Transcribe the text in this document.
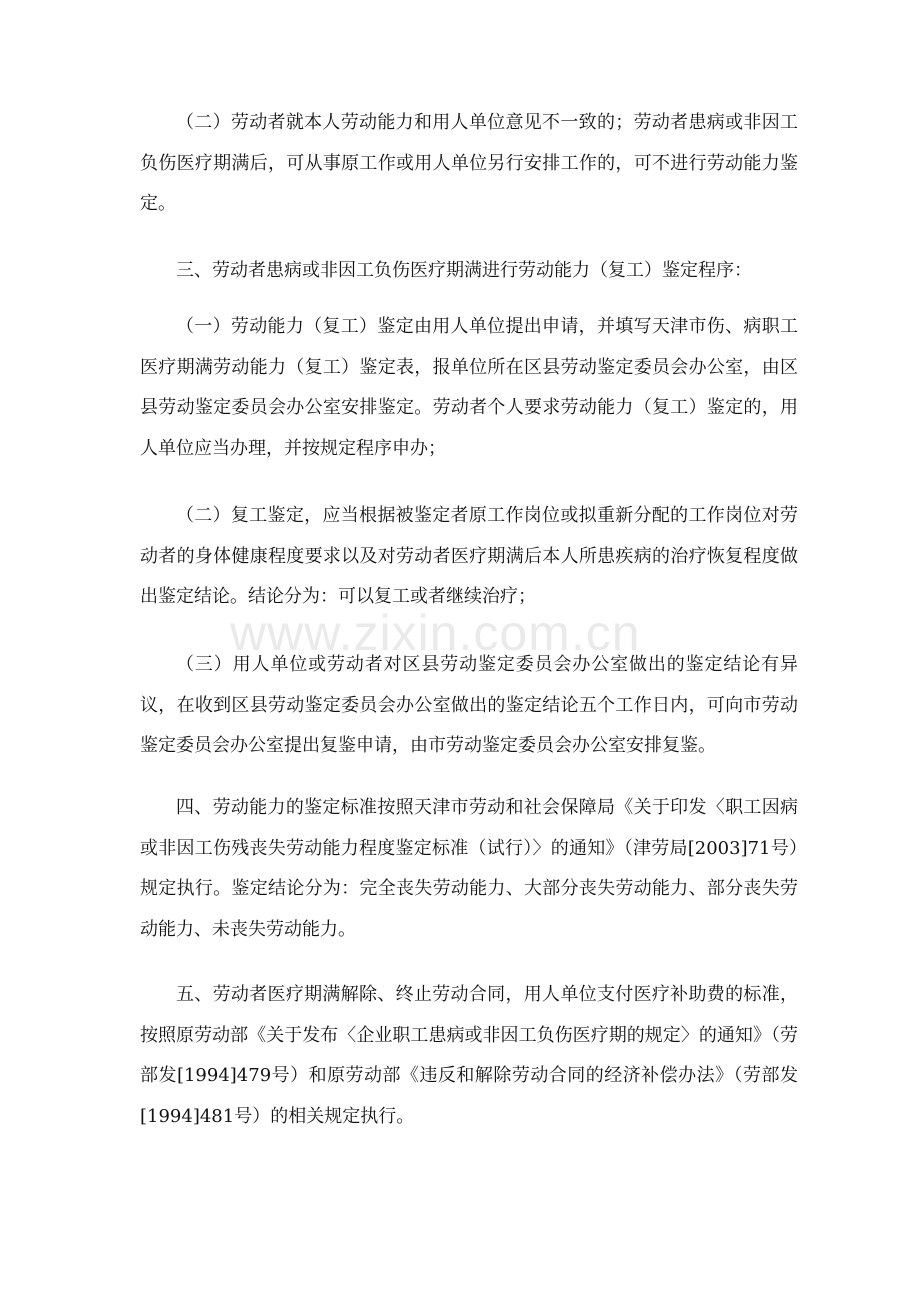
（二）劳动者就本人劳动能力和用人单位意见不一致的；劳动者患病或非因工负伤医疗期满后，可从事原工作或用人单位另行安排工作的，可不进行劳动能力鉴定。

三、劳动者患病或非因工负伤医疗期满进行劳动能力（复工）鉴定程序：

（一）劳动能力（复工）鉴定由用人单位提出申请，并填写天津市伤、病职工医疗期满劳动能力（复工）鉴定表，报单位所在区县劳动鉴定委员会办公室，由区县劳动鉴定委员会办公室安排鉴定。劳动者个人要求劳动能力（复工）鉴定的，用人单位应当办理，并按规定程序申办；

（二）复工鉴定，应当根据被鉴定者原工作岗位或拟重新分配的工作岗位对劳动者的身体健康程度要求以及对劳动者医疗期满后本人所患疾病的治疗恢复程度做出鉴定结论。结论分为：可以复工或者继续治疗；

（三）用人单位或劳动者对区县劳动鉴定委员会办公室做出的鉴定结论有异议，在收到区县劳动鉴定委员会办公室做出的鉴定结论五个工作日内，可向市劳动鉴定委员会办公室提出复鉴申请，由市劳动鉴定委员会办公室安排复鉴。

四、劳动能力的鉴定标准按照天津市劳动和社会保障局《关于印发〈职工因病或非因工伤残丧失劳动能力程度鉴定标准（试行）〉的通知》（津劳局[2003]71号）规定执行。鉴定结论分为：完全丧失劳动能力、大部分丧失劳动能力、部分丧失劳动能力、未丧失劳动能力。

五、劳动者医疗期满解除、终止劳动合同，用人单位支付医疗补助费的标准，按照原劳动部《关于发布〈企业职工患病或非因工负伤医疗期的规定〉的通知》（劳部发[1994]479号）和原劳动部《违反和解除劳动合同的经济补偿办法》（劳部发[1994]481号）的相关规定执行。

www.zixin.com.cn
